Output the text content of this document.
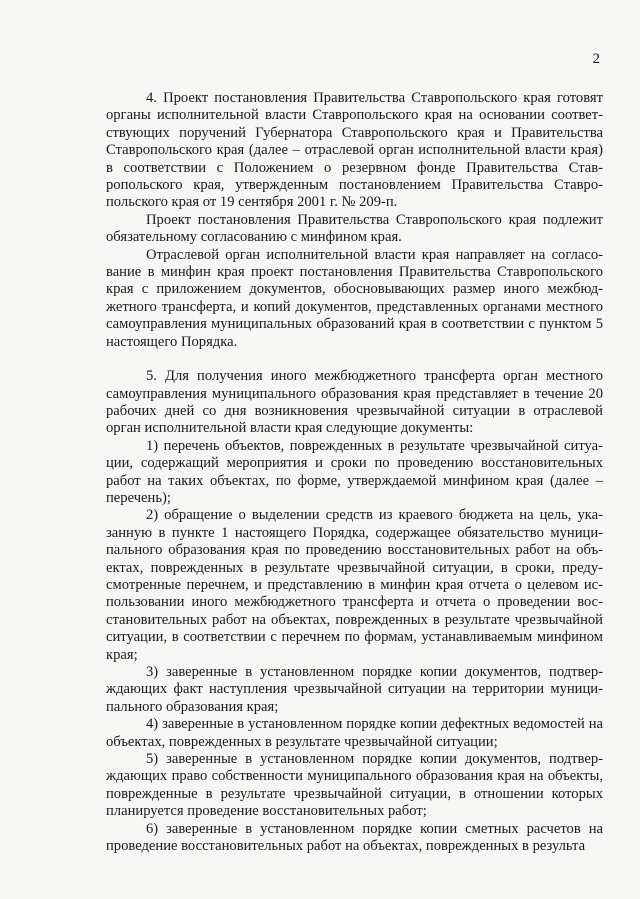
2

4. Проект постановления Правительства Ставропольского края готовят органы исполнительной власти Ставропольского края на основании соответствующих поручений Губернатора Ставропольского края и Правительства Ставропольского края (далее – отраслевой орган исполнительной власти края) в соответствии с Положением о резервном фонде Правительства Ставропольского края, утвержденным постановлением Правительства Ставропольского края от 19 сентября 2001 г. № 209-п.

Проект постановления Правительства Ставропольского края подлежит обязательному согласованию с минфином края.

Отраслевой орган исполнительной власти края направляет на согласование в минфин края проект постановления Правительства Ставропольского края с приложением документов, обосновывающих размер иного межбюджетного трансферта, и копий документов, представленных органами местного самоуправления муниципальных образований края в соответствии с пунктом 5 настоящего Порядка.

5. Для получения иного межбюджетного трансферта орган местного самоуправления муниципального образования края представляет в течение 20 рабочих дней со дня возникновения чрезвычайной ситуации в отраслевой орган исполнительной власти края следующие документы:

1) перечень объектов, поврежденных в результате чрезвычайной ситуации, содержащий мероприятия и сроки по проведению восстановительных работ на таких объектах, по форме, утверждаемой минфином края (далее – перечень);

2) обращение о выделении средств из краевого бюджета на цель, указанную в пункте 1 настоящего Порядка, содержащее обязательство муниципального образования края по проведению восстановительных работ на объектах, поврежденных в результате чрезвычайной ситуации, в сроки, предусмотренные перечнем, и представлению в минфин края отчета о целевом использовании иного межбюджетного трансферта и отчета о проведении восстановительных работ на объектах, поврежденных в результате чрезвычайной ситуации, в соответствии с перечнем по формам, устанавливаемым минфином края;

3) заверенные в установленном порядке копии документов, подтверждающих факт наступления чрезвычайной ситуации на территории муниципального образования края;

4) заверенные в установленном порядке копии дефектных ведомостей на объектах, поврежденных в результате чрезвычайной ситуации;

5) заверенные в установленном порядке копии документов, подтверждающих право собственности муниципального образования края на объекты, поврежденные в результате чрезвычайной ситуации, в отношении которых планируется проведение восстановительных работ;

6) заверенные в установленном порядке копии сметных расчетов на проведение восстановительных работ на объектах, поврежденных в результа
